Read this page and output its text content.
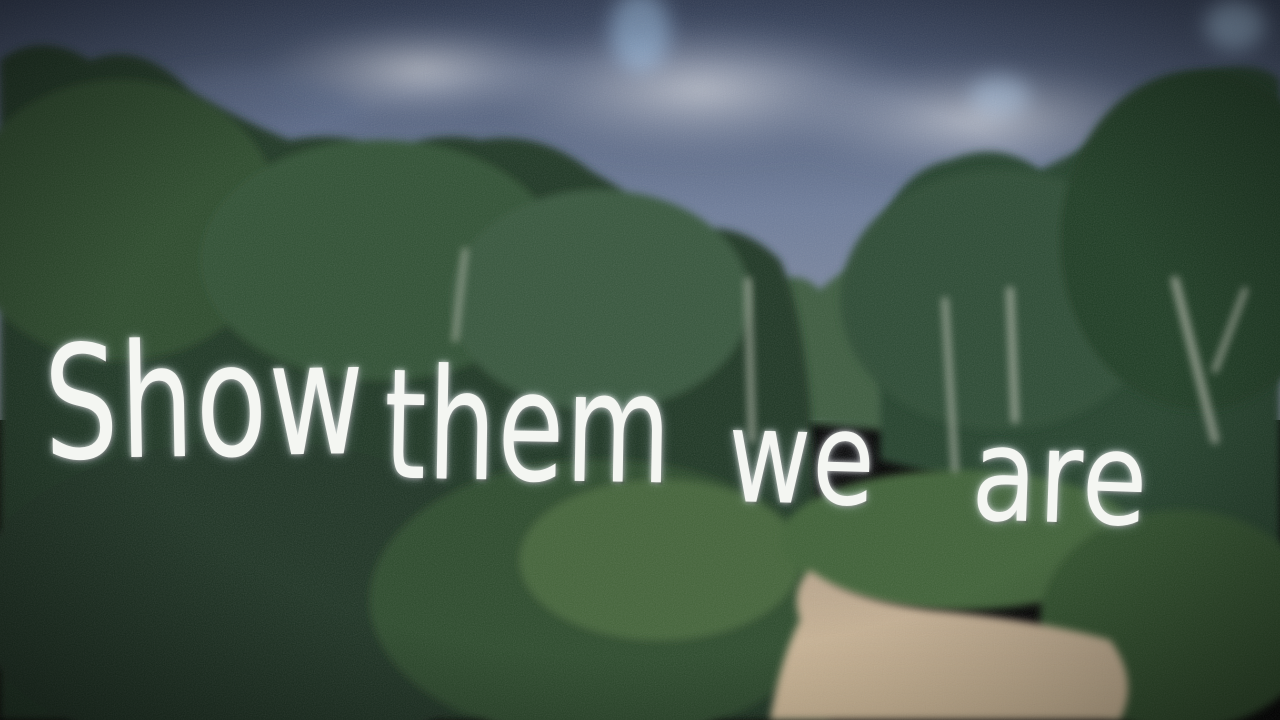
Show them we are
